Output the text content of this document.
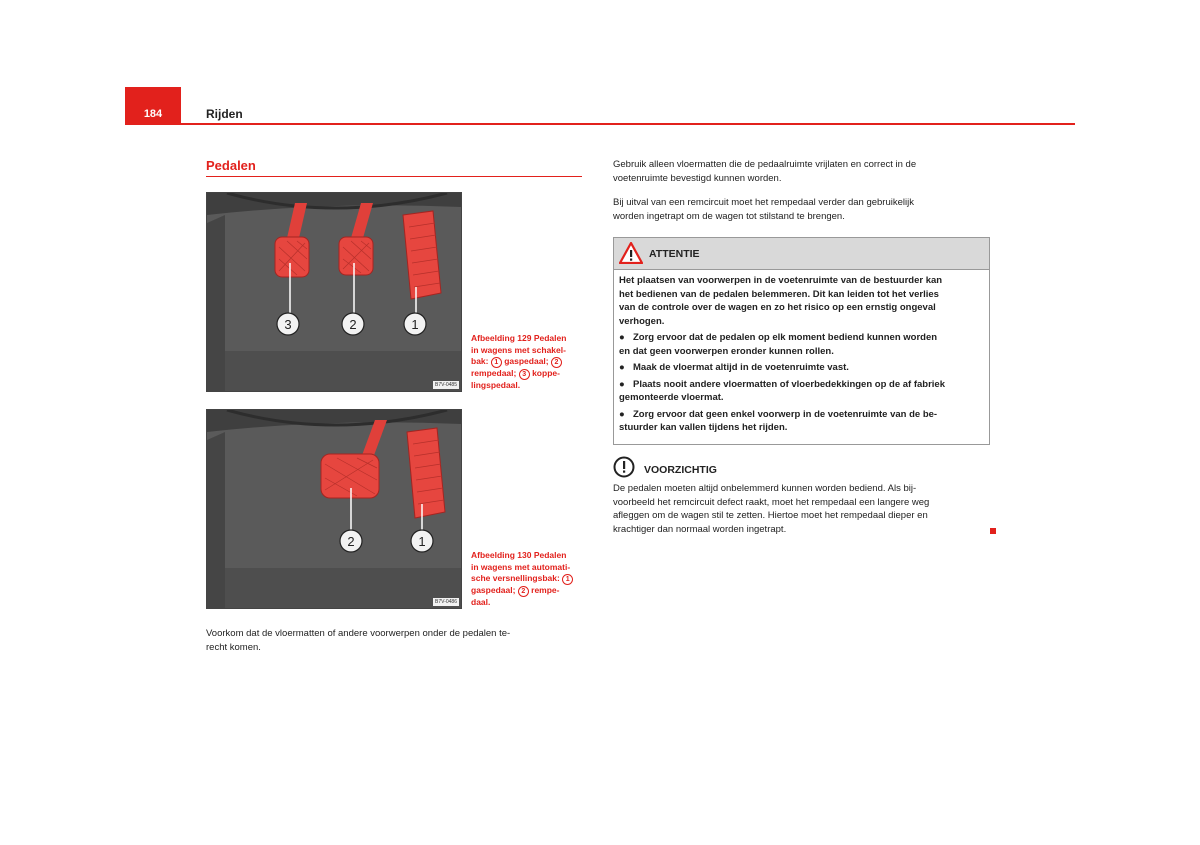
184	Rijden
Pedalen
3	2	1
B7V-0485
Afbeelding 129 Pedalen
in wagens met schakel-
bak: 1 gaspedaal; 2
rempedaal; 3 koppe-
lingspedaal.
2	1
B7V-0486
Afbeelding 130 Pedalen
in wagens met automati-
sche versnellingsbak: 1
gaspedaal; 2 rempe-
daal.
Voorkom dat de vloermatten of andere voorwerpen onder de pedalen te-
recht komen.
Gebruik alleen vloermatten die de pedaalruimte vrijlaten en correct in de
voetenruimte bevestigd kunnen worden.
Bij uitval van een remcircuit moet het rempedaal verder dan gebruikelijk
worden ingetrapt om de wagen tot stilstand te brengen.
ATTENTIE

Het plaatsen van voorwerpen in de voetenruimte van de bestuurder kan

het bedienen van de pedalen belemmeren. Dit kan leiden tot het verlies

van de controle over de wagen en zo het risico op een ernstig ongeval

verhogen.

● Zorg ervoor dat de pedalen op elk moment bediend kunnen worden

en dat geen voorwerpen eronder kunnen rollen.

● Maak de vloermat altijd in de voetenruimte vast.

● Plaats nooit andere vloermatten of vloerbedekkingen op de af fabriek

gemonteerde vloermat.

● Zorg ervoor dat geen enkel voorwerp in de voetenruimte van de be-

stuurder kan vallen tijdens het rijden.

VOORZICHTIG
De pedalen moeten altijd onbelemmerd kunnen worden bediend. Als bij-
voorbeeld het remcircuit defect raakt, moet het rempedaal een langere weg
afleggen om de wagen stil te zetten. Hiertoe moet het rempedaal dieper en
krachtiger dan normaal worden ingetrapt.
